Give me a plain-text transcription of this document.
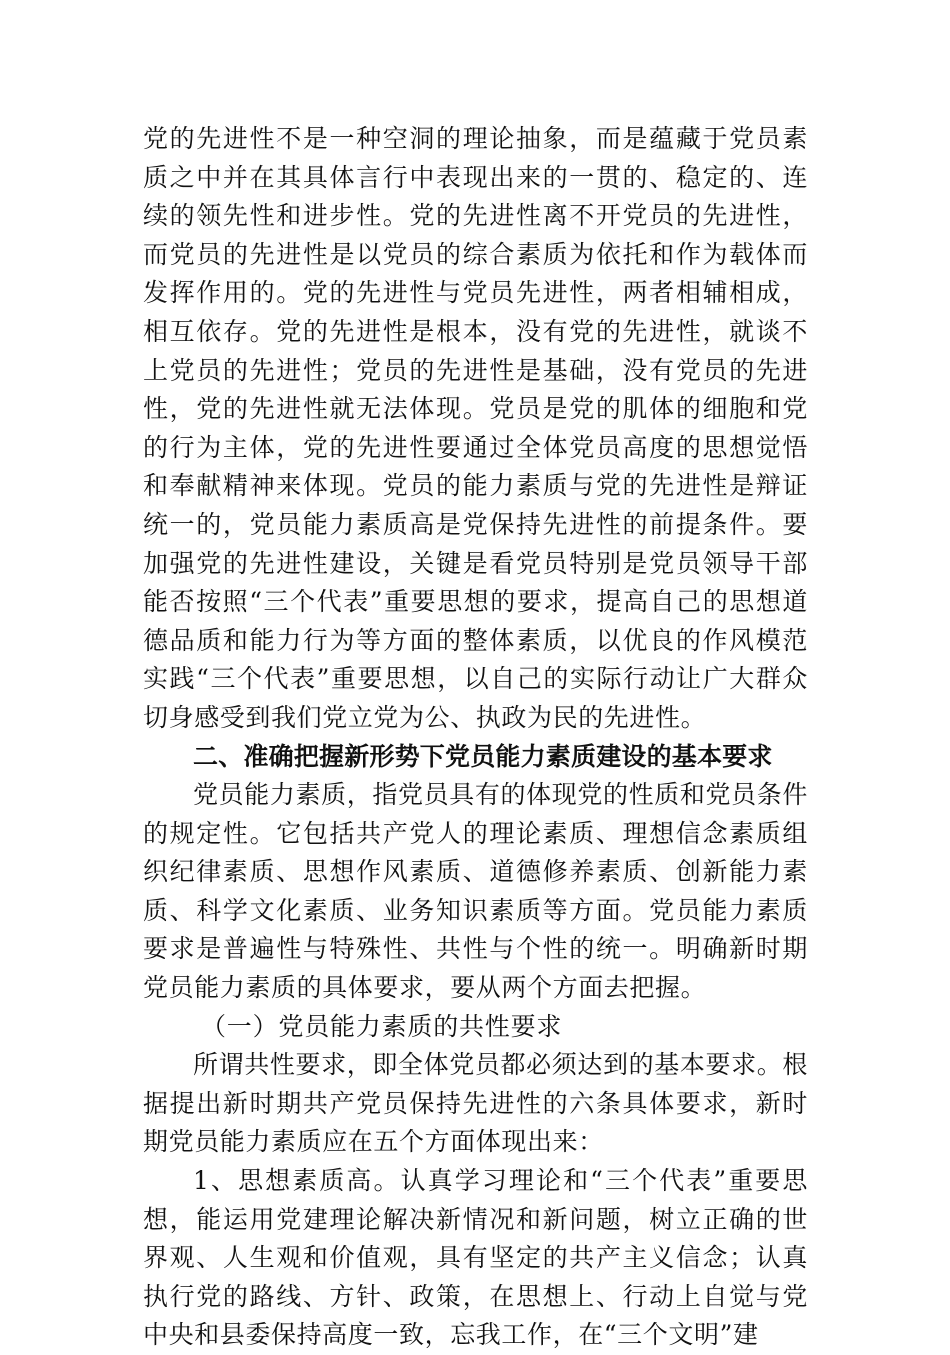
党的先进性不是一种空洞的理论抽象，而是蕴藏于党员素质之中并在其具体言行中表现出来的一贯的、稳定的、连续的领先性和进步性。党的先进性离不开党员的先进性，而党员的先进性是以党员的综合素质为依托和作为载体而发挥作用的。党的先进性与党员先进性，两者相辅相成，相互依存。党的先进性是根本，没有党的先进性，就谈不上党员的先进性；党员的先进性是基础，没有党员的先进性，党的先进性就无法体现。党员是党的肌体的细胞和党的行为主体，党的先进性要通过全体党员高度的思想觉悟和奉献精神来体现。党员的能力素质与党的先进性是辩证统一的，党员能力素质高是党保持先进性的前提条件。要加强党的先进性建设，关键是看党员特别是党员领导干部能否按照“三个代表”重要思想的要求，提高自己的思想道德品质和能力行为等方面的整体素质，以优良的作风模范实践“三个代表”重要思想，以自己的实际行动让广大群众切身感受到我们党立党为公、执政为民的先进性。

二、准确把握新形势下党员能力素质建设的基本要求

党员能力素质，指党员具有的体现党的性质和党员条件的规定性。它包括共产党人的理论素质、理想信念素质组织纪律素质、思想作风素质、道德修养素质、创新能力素质、科学文化素质、业务知识素质等方面。党员能力素质要求是普遍性与特殊性、共性与个性的统一。明确新时期党员能力素质的具体要求，要从两个方面去把握。

（一）党员能力素质的共性要求

所谓共性要求，即全体党员都必须达到的基本要求。根据提出新时期共产党员保持先进性的六条具体要求，新时期党员能力素质应在五个方面体现出来：

1、思想素质高。认真学习理论和“三个代表”重要思想，能运用党建理论解决新情况和新问题，树立正确的世界观、人生观和价值观，具有坚定的共产主义信念；认真执行党的路线、方针、政策，在思想上、行动上自觉与党中央和县委保持高度一致，忘我工作，在“三个文明”建
